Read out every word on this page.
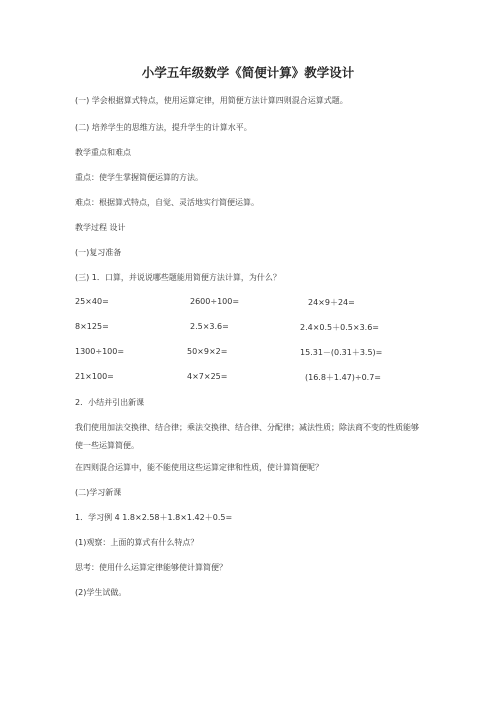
小学五年级数学《简便计算》教学设计
(一) 学会根据算式特点，使用运算定律，用简便方法计算四则混合运算式题。
(二) 培养学生的思维方法，提升学生的计算水平。
教学重点和难点
重点：使学生掌握简便运算的方法。
难点：根据算式特点，自觉、灵活地实行简便运算。
教学过程 设计
(一)复习准备
(三) 1．口算，并说说哪些题能用简便方法计算，为什么？
25×40=	2600÷100=	24×9＋24=
8×125=	2.5×3.6=	2.4×0.5＋0.5×3.6=
1300÷100=	50×9×2=	15.31－(0.31＋3.5)=
21×100=	4×7×25=	(16.8＋1.47)÷0.7=
2．小结并引出新课
我们使用加法交换律、结合律；乘法交换律、结合律、分配律；减法性质；除法商不变的性质能够使一些运算简便。
在四则混合运算中，能不能使用这些运算定律和性质，使计算简便呢？
(二)学习新课
1．学习例 4 1.8×2.58＋1.8×1.42＋0.5=
(1)观察：上面的算式有什么特点？
思考：使用什么运算定律能够使计算简便？
(2)学生试做。
